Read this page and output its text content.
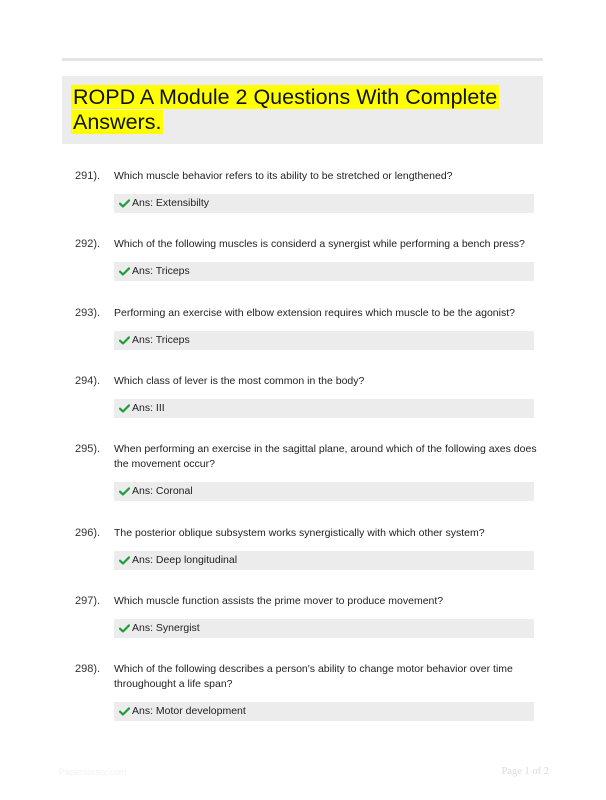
ROPD A Module 2 Questions With Complete Answers.
291). Which muscle behavior refers to its ability to be stretched or lengthened?
Ans: Extensibilty
292). Which of the following muscles is considerd a synergist while performing a bench press?
Ans: Triceps
293). Performing an exercise with elbow extension requires which muscle to be the agonist?
Ans: Triceps
294). Which class of lever is the most common in the body?
Ans: III
295). When performing an exercise in the sagittal plane, around which of the following axes does the movement occur?
Ans: Coronal
296). The posterior oblique subsystem works synergistically with which other system?
Ans: Deep longitudinal
297). Which muscle function assists the prime mover to produce movement?
Ans: Synergist
298). Which of the following describes a person's ability to change motor behavior over time throughought a life span?
Ans: Motor development
Paperlibrary.com	Page 1 of 2
